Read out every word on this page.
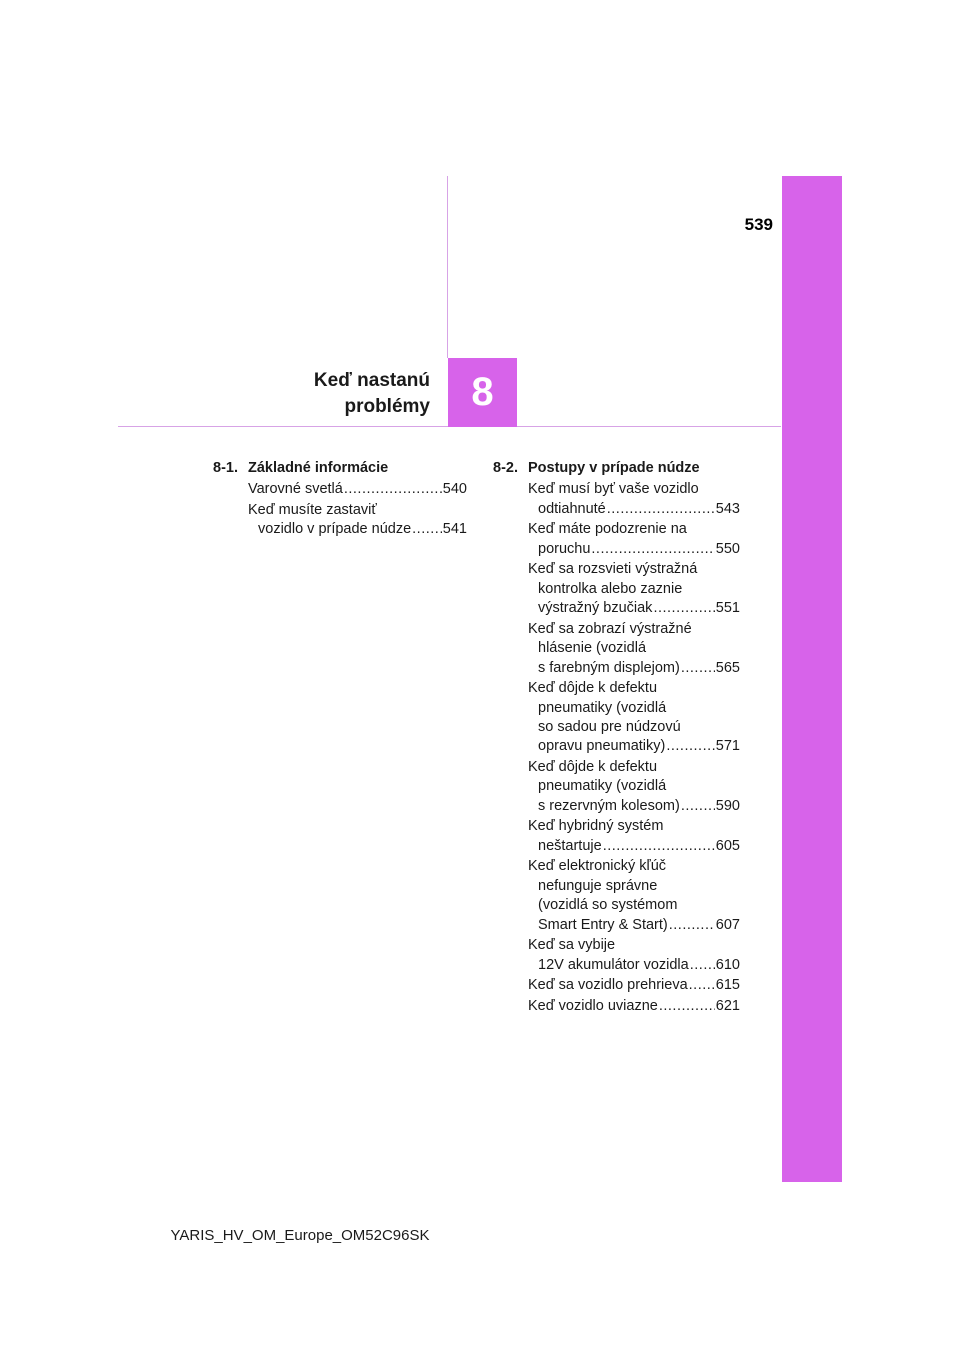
539
Keď nastanú
problémy 8
8-1. Základné informácie
Varovné svetlá .....	540
Keď musíte zastaviť
vozidlo v prípade núdze ..... 541
8-2. Postupy v prípade núdze
Keď musí byť vaše vozidlo
odtiahnuté .....	543
Keď máte podozrenie na
poruchu .....	550
Keď sa rozsvieti výstražná
kontrolka alebo zaznie
výstražný bzučiak .....	551
Keď sa zobrazí výstražné
hlásenie (vozidlá
s farebným displejom) ..... 565
Keď dôjde k defektu
pneumatiky (vozidlá
so sadou pre núdzovú
opravu pneumatiky) .....	571
Keď dôjde k defektu
pneumatiky (vozidlá
s rezervným kolesom) ..... 590
Keď hybridný systém
neštartuje .....	605
Keď elektronický kľúč
nefunguje správne
(vozidlá so systémom
Smart Entry & Start) .....	607
Keď sa vybije
12V akumulátor vozidla ..... 610
Keď sa vozidlo prehrieva ..... 615
Keď vozidlo uviazne .....	621
YARIS_HV_OM_Europe_OM52C96SK
